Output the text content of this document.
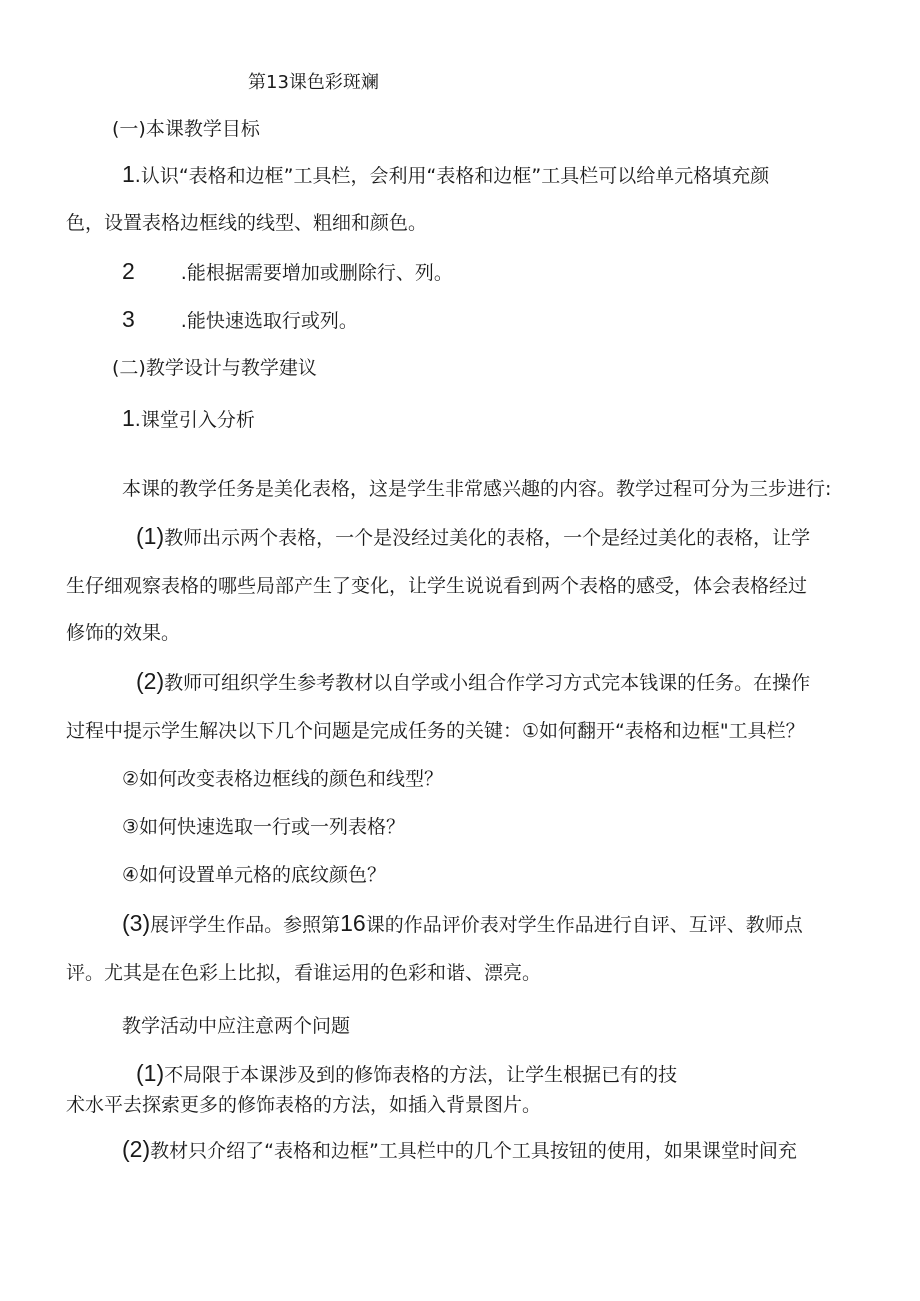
第13课色彩斑斓
(一)本课教学目标
1.认识“表格和边框”工具栏，会利用“表格和边框”工具栏可以给单元格填充颜
色，设置表格边框线的线型、粗细和颜色。
2 .能根据需要增加或删除行、列。
3 .能快速选取行或列。
(二)教学设计与教学建议
1.课堂引入分析
本课的教学任务是美化表格，这是学生非常感兴趣的内容。教学过程可分为三步进行:
(1)教师出示两个表格，一个是没经过美化的表格，一个是经过美化的表格，让学
生仔细观察表格的哪些局部产生了变化，让学生说说看到两个表格的感受，体会表格经过
修饰的效果。
(2)教师可组织学生参考教材以自学或小组合作学习方式完本钱课的任务。在操作
过程中提示学生解决以下几个问题是完成任务的关键：①如何翻开“表格和边框"工具栏？
②如何改变表格边框线的颜色和线型？
③如何快速选取一行或一列表格？
④如何设置单元格的底纹颜色？
(3)展评学生作品。参照第16课的作品评价表对学生作品进行自评、互评、教师点
评。尤其是在色彩上比拟，看谁运用的色彩和谐、漂亮。
教学活动中应注意两个问题
(1)不局限于本课涉及到的修饰表格的方法，让学生根据已有的技
术水平去探索更多的修饰表格的方法，如插入背景图片。
(2)教材只介绍了“表格和边框”工具栏中的几个工具按钮的使用，如果课堂时间充
